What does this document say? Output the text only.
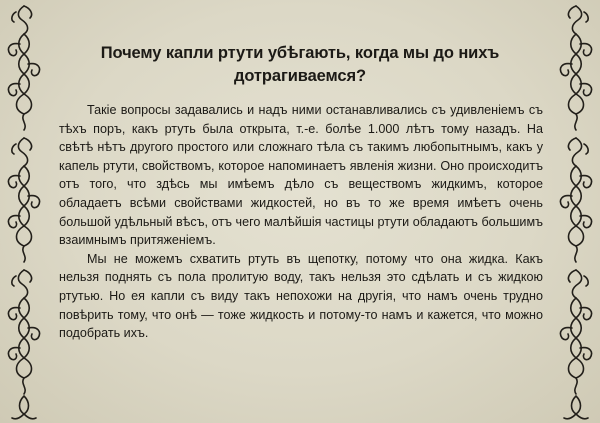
Почему капли ртути убѣгають, когда мы до нихъ дотрагиваемся?

Такіе вопросы задавались и надъ ними останавливались съ удивленіемъ съ тѣхъ поръ, какъ ртуть была открыта, т.-е. болѣе 1.000 лѣтъ тому назадъ. На свѣтѣ нѣтъ другого простого или сложнаго тѣла съ такимъ любопытнымъ, какъ у капель ртути, свойствомъ, которое напоминаетъ явленія жизни. Оно происходитъ отъ того, что здѣсь мы имѣемъ дѣло съ веществомъ жидкимъ, которое обладаетъ всѣми свойствами жидкостей, но въ то же время имѣетъ очень большой удѣльный вѣсъ, отъ чего малѣйшія частицы ртути обладаютъ большимъ взаимнымъ притяженіемъ.

Мы не можемъ схватить ртуть въ щепотку, потому что она жидка. Какъ нельзя поднять съ пола пролитую воду, такъ нельзя это сдѣлать и съ жидкою ртутью. Но ея капли съ виду такъ непохожи на другія, что намъ очень трудно повѣрить тому, что онѣ — тоже жидкость и потому-то намъ и кажется, что можно подобрать ихъ.
